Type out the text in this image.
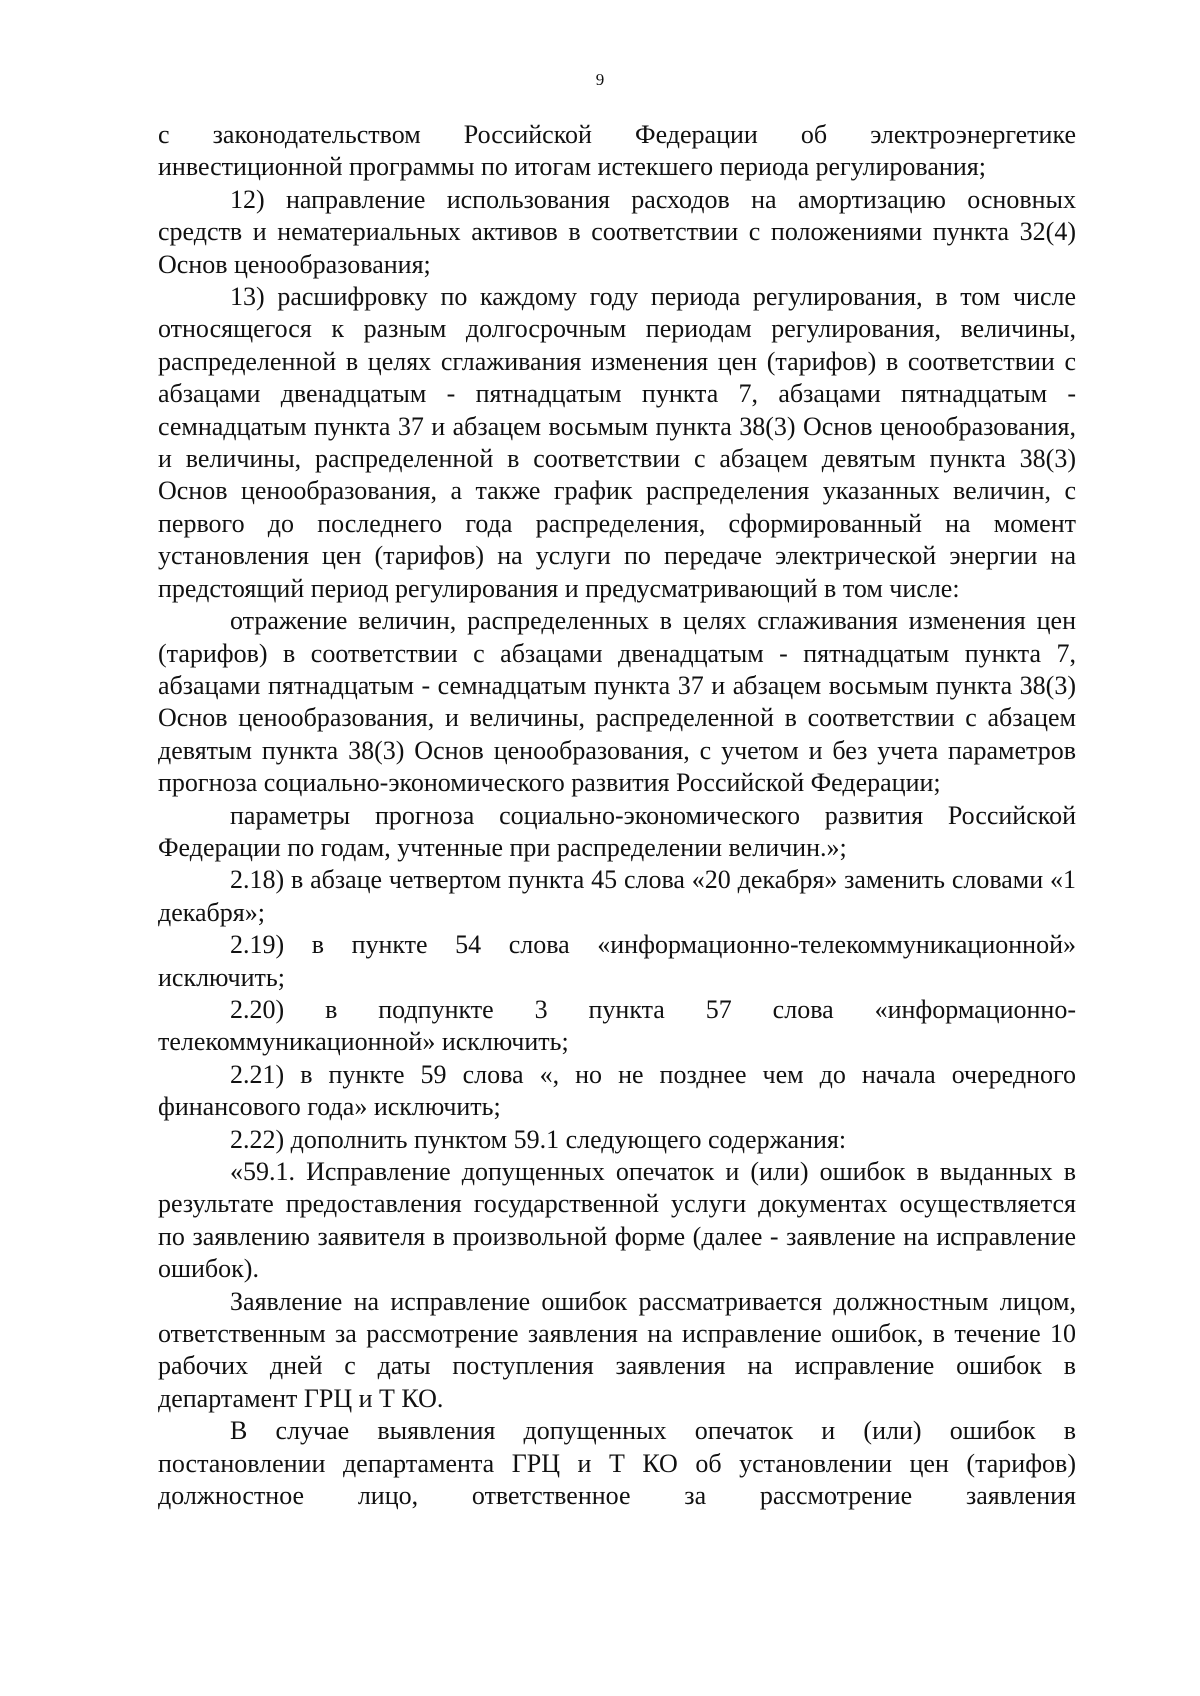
9

с законодательством Российской Федерации об электроэнергетике инвестиционной программы по итогам истекшего периода регулирования;

12) направление использования расходов на амортизацию основных средств и нематериальных активов в соответствии с положениями пункта 32(4) Основ ценообразования;

13) расшифровку по каждому году периода регулирования, в том числе относящегося к разным долгосрочным периодам регулирования, величины, распределенной в целях сглаживания изменения цен (тарифов) в соответствии с абзацами двенадцатым - пятнадцатым пункта 7, абзацами пятнадцатым - семнадцатым пункта 37 и абзацем восьмым пункта 38(3) Основ ценообразования, и величины, распределенной в соответствии с абзацем девятым пункта 38(3) Основ ценообразования, а также график распределения указанных величин, с первого до последнего года распределения, сформированный на момент установления цен (тарифов) на услуги по передаче электрической энергии на предстоящий период регулирования и предусматривающий в том числе:

отражение величин, распределенных в целях сглаживания изменения цен (тарифов) в соответствии с абзацами двенадцатым - пятнадцатым пункта 7, абзацами пятнадцатым - семнадцатым пункта 37 и абзацем восьмым пункта 38(3) Основ ценообразования, и величины, распределенной в соответствии с абзацем девятым пункта 38(3) Основ ценообразования, с учетом и без учета параметров прогноза социально-экономического развития Российской Федерации;

параметры прогноза социально-экономического развития Российской Федерации по годам, учтенные при распределении величин.»;

2.18) в абзаце четвертом пункта 45 слова «20 декабря» заменить словами «1 декабря»;

2.19) в пункте 54 слова «информационно-телекоммуникационной» исключить;

2.20) в подпункте 3 пункта 57 слова «информационно-телекоммуникационной» исключить;

2.21) в пункте 59 слова «, но не позднее чем до начала очередного финансового года» исключить;

2.22) дополнить пунктом 59.1 следующего содержания:

«59.1. Исправление допущенных опечаток и (или) ошибок в выданных в результате предоставления государственной услуги документах осуществляется по заявлению заявителя в произвольной форме (далее - заявление на исправление ошибок).

Заявление на исправление ошибок рассматривается должностным лицом, ответственным за рассмотрение заявления на исправление ошибок, в течение 10 рабочих дней с даты поступления заявления на исправление ошибок в департамент ГРЦ и Т КО.

В случае выявления допущенных опечаток и (или) ошибок в постановлении департамента ГРЦ и Т КО об установлении цен (тарифов) должностное лицо, ответственное за рассмотрение заявления
